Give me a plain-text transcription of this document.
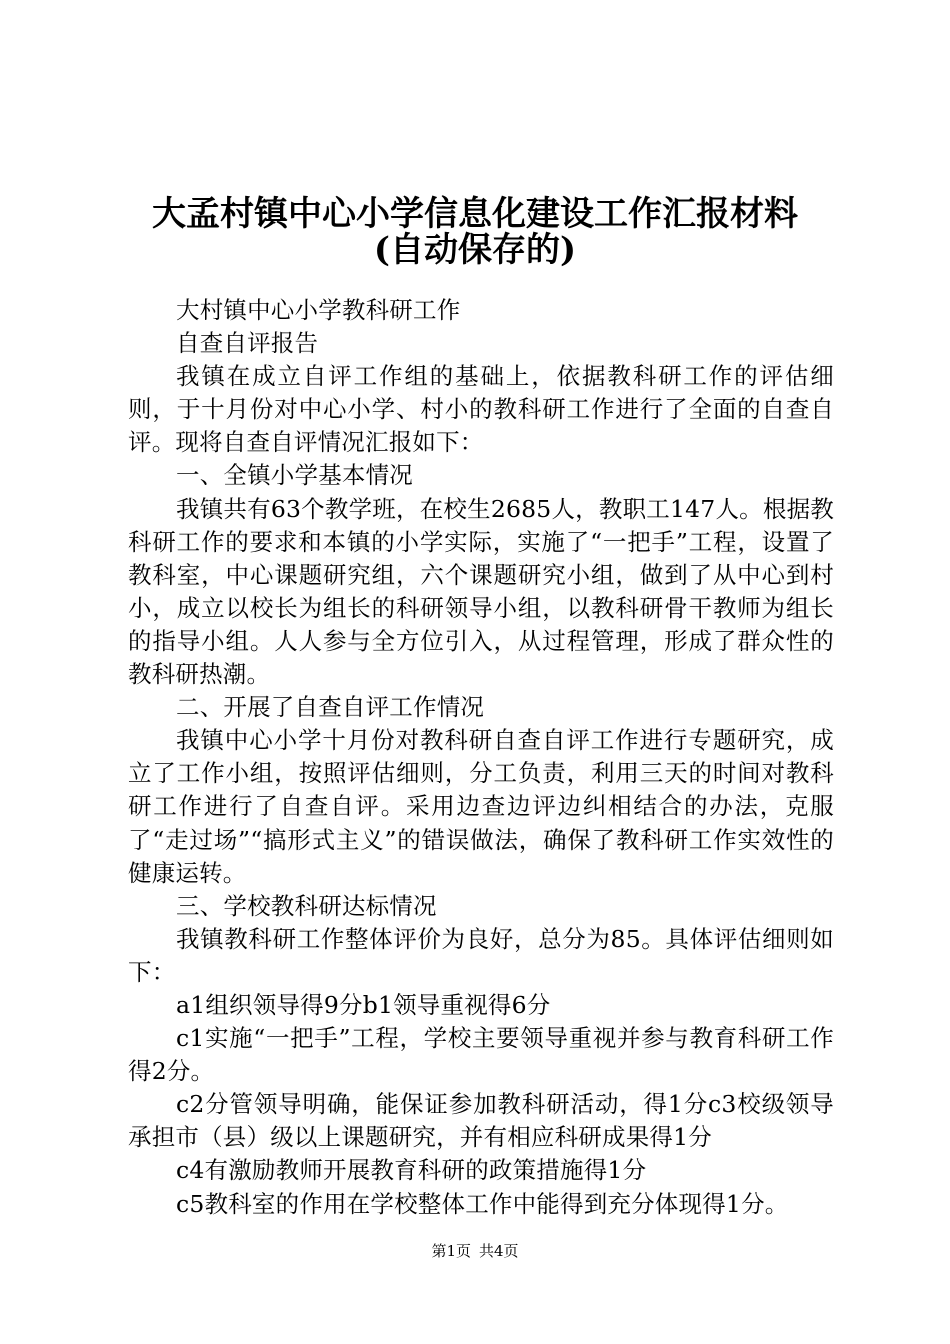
大孟村镇中心小学信息化建设工作汇报材料
(自动保存的)

大村镇中心小学教科研工作

自查自评报告

我镇在成立自评工作组的基础上，依据教科研工作的评估细则，于十月份对中心小学、村小的教科研工作进行了全面的自查自评。现将自查自评情况汇报如下：

一、全镇小学基本情况

我镇共有63个教学班，在校生2685人，教职工147人。根据教科研工作的要求和本镇的小学实际，实施了“一把手”工程，设置了教科室，中心课题研究组，六个课题研究小组，做到了从中心到村小，成立以校长为组长的科研领导小组，以教科研骨干教师为组长的指导小组。人人参与全方位引入，从过程管理，形成了群众性的教科研热潮。

二、开展了自查自评工作情况

我镇中心小学十月份对教科研自查自评工作进行专题研究，成立了工作小组，按照评估细则，分工负责，利用三天的时间对教科研工作进行了自查自评。采用边查边评边纠相结合的办法，克服了“走过场”“搞形式主义”的错误做法，确保了教科研工作实效性的健康运转。

三、学校教科研达标情况

我镇教科研工作整体评价为良好，总分为85。具体评估细则如下：

a1组织领导得9分b1领导重视得6分

c1实施“一把手”工程，学校主要领导重视并参与教育科研工作得2分。

c2分管领导明确，能保证参加教科研活动，得1分c3校级领导承担市（县）级以上课题研究，并有相应科研成果得1分

c4有激励教师开展教育科研的政策措施得1分

c5教科室的作用在学校整体工作中能得到充分体现得1分。

第1页 共4页
